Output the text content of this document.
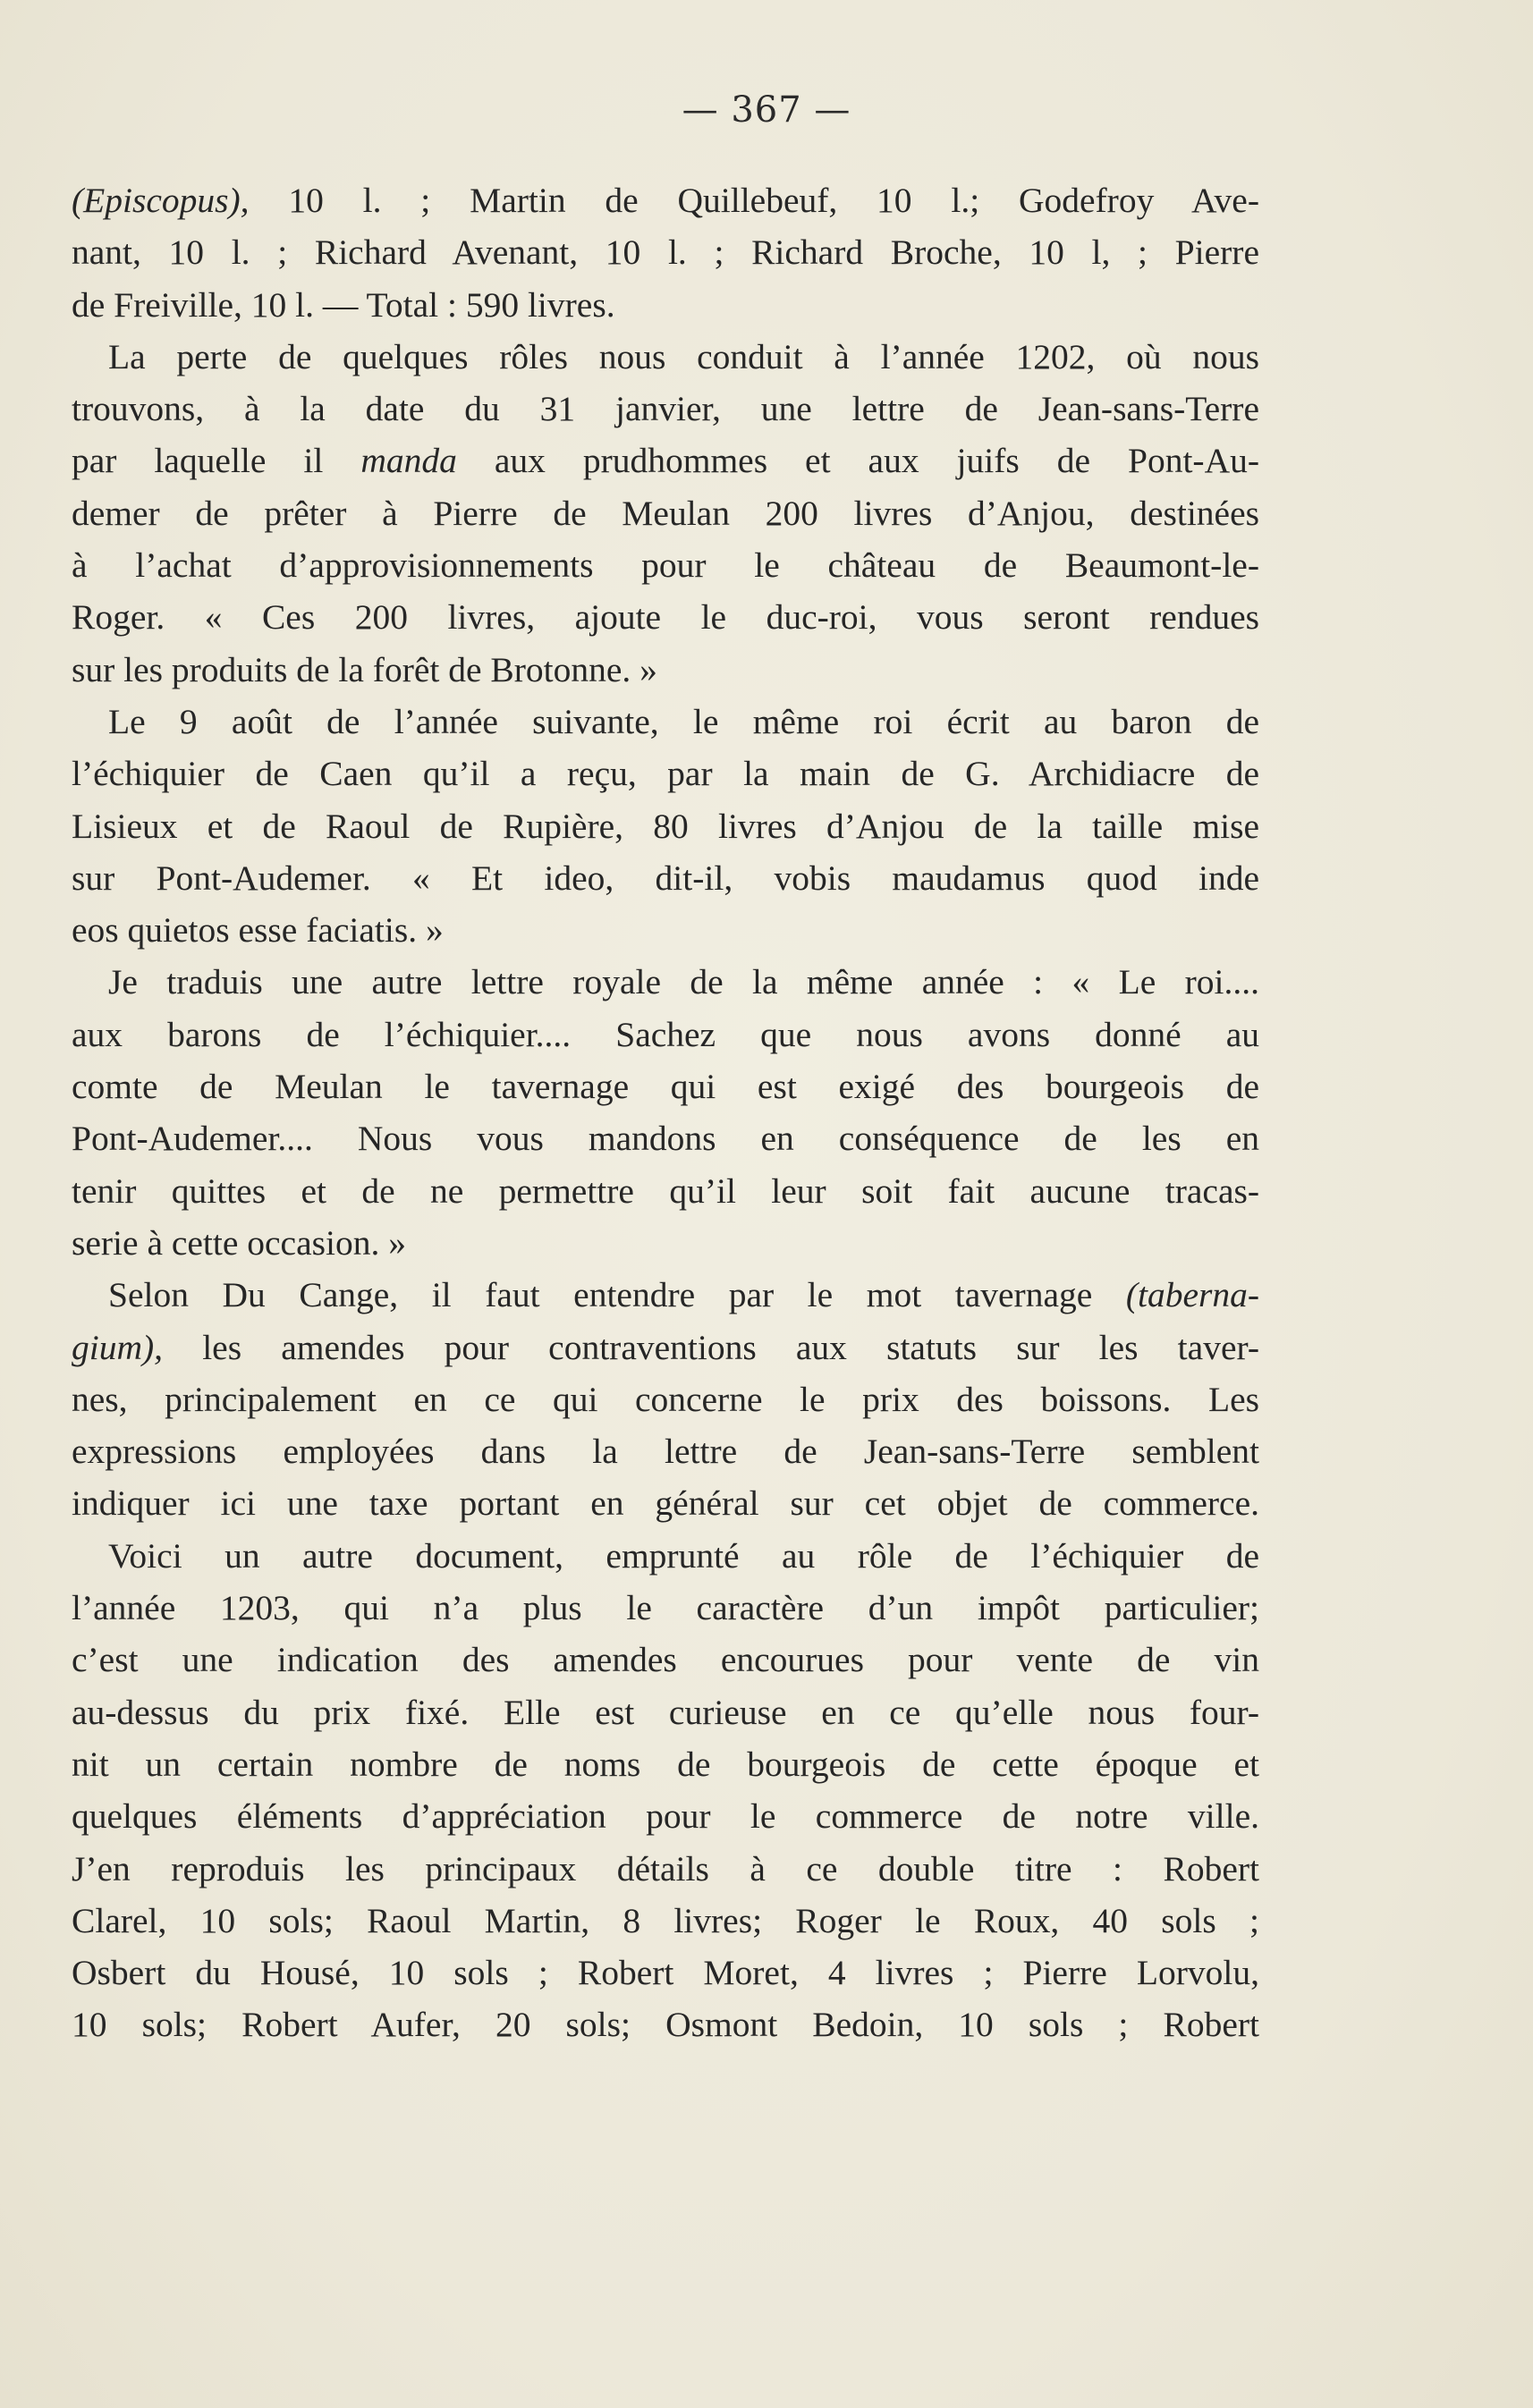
— 367 —
(Episcopus), 10 l. ; Martin de Quillebeuf, 10 l.; Godefroy Ave-
nant, 10 l. ; Richard Avenant, 10 l. ; Richard Broche, 10 l, ; Pierre
de Freiville, 10 l. — Total : 590 livres.
La perte de quelques rôles nous conduit à l’année 1202, où nous
trouvons, à la date du 31 janvier, une lettre de Jean-sans-Terre
par laquelle il manda aux prudhommes et aux juifs de Pont-Au-
demer de prêter à Pierre de Meulan 200 livres d’Anjou, destinées
à l’achat d’approvisionnements pour le château de Beaumont-le-
Roger. « Ces 200 livres, ajoute le duc-roi, vous seront rendues
sur les produits de la forêt de Brotonne. »
Le 9 août de l’année suivante, le même roi écrit au baron de
l’échiquier de Caen qu’il a reçu, par la main de G. Archidiacre de
Lisieux et de Raoul de Rupière, 80 livres d’Anjou de la taille mise
sur Pont-Audemer. « Et ideo, dit-il, vobis maudamus quod inde
eos quietos esse faciatis. »
Je traduis une autre lettre royale de la même année : « Le roi....
aux barons de l’échiquier.... Sachez que nous avons donné au
comte de Meulan le tavernage qui est exigé des bourgeois de
Pont-Audemer.... Nous vous mandons en conséquence de les en
tenir quittes et de ne permettre qu’il leur soit fait aucune tracas-
serie à cette occasion. »
Selon Du Cange, il faut entendre par le mot tavernage (taberna-
gium), les amendes pour contraventions aux statuts sur les taver-
nes, principalement en ce qui concerne le prix des boissons. Les
expressions employées dans la lettre de Jean-sans-Terre semblent
indiquer ici une taxe portant en général sur cet objet de commerce.
Voici un autre document, emprunté au rôle de l’échiquier de
l’année 1203, qui n’a plus le caractère d’un impôt particulier;
c’est une indication des amendes encourues pour vente de vin
au-dessus du prix fixé. Elle est curieuse en ce qu’elle nous four-
nit un certain nombre de noms de bourgeois de cette époque et
quelques éléments d’appréciation pour le commerce de notre ville.
J’en reproduis les principaux détails à ce double titre : Robert
Clarel, 10 sols; Raoul Martin, 8 livres; Roger le Roux, 40 sols ;
Osbert du Housé, 10 sols ; Robert Moret, 4 livres ; Pierre Lorvolu,
10 sols; Robert Aufer, 20 sols; Osmont Bedoin, 10 sols ; Robert
